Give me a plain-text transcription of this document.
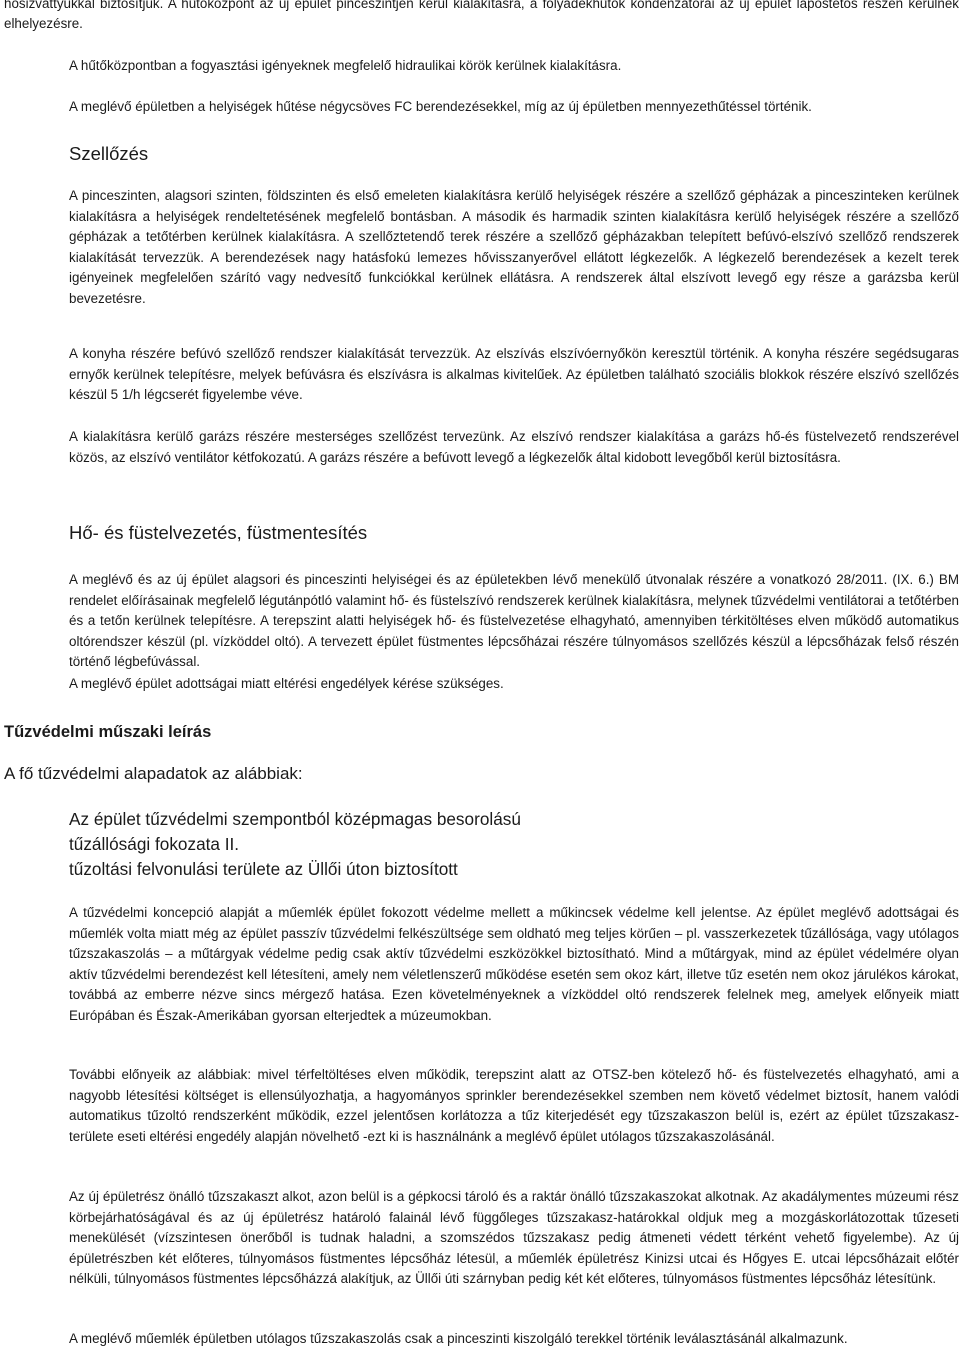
hősizvattyúkkal biztosítjuk. A hűtőközpont az új épület pinceszintjén kerül kialakításra, a folyadékhűtők kondenzátorai az új épület lapostetős részén kerülnek elhelyezésre.

A hűtőközpontban a fogyasztási igényeknek megfelelő hidraulikai körök kerülnek kialakításra.

A meglévő épületben a helyiségek hűtése négycsöves FC berendezésekkel, míg az új épületben mennyezethűtéssel történik.

Szellőzés

A pinceszinten, alagsori szinten, földszinten és első emeleten kialakításra kerülő helyiségek részére a szellőző gépházak a pinceszinteken kerülnek kialakításra a helyiségek rendeltetésének megfelelő bontásban. A második és harmadik szinten kialakításra kerülő helyiségek részére a szellőző gépházak a tetőtérben kerülnek kialakításra. A szellőztetendő terek részére a szellőző gépházakban telepített befúvó-elszívó szellőző rendszerek kialakítását tervezzük. A berendezések nagy hatásfokú lemezes hővisszanyerővel ellátott légkezelők. A légkezelő berendezések a kezelt terek igényeinek megfelelően szárító vagy nedvesítő funkciókkal kerülnek ellátásra. A rendszerek által elszívott levegő egy része a garázsba kerül bevezetésre.

A konyha részére befúvó szellőző rendszer kialakítását tervezzük. Az elszívás elszívóernyőkön keresztül történik. A konyha részére segédsugaras ernyők kerülnek telepítésre, melyek befúvásra és elszívásra is alkalmas kivitelűek. Az épületben található szociális blokkok részére elszívó szellőzés készül 5 1/h légcserét figyelembe véve.

A kialakításra kerülő garázs részére mesterséges szellőzést tervezünk. Az elszívó rendszer kialakítása a garázs hő-és füstelvezető rendszerével közös, az elszívó ventilátor kétfokozatú. A garázs részére a befúvott levegő a légkezelők által kidobott levegőből kerül biztosításra.

Hő- és füstelvezetés, füstmentesítés

A meglévő és az új épület alagsori és pinceszinti helyiségei és az épületekben lévő menekülő útvonalak részére a vonatkozó 28/2011. (IX. 6.) BM rendelet előírásainak megfelelő légutánpótló valamint hő- és füstelszívó rendszerek kerülnek kialakításra, melynek tűzvédelmi ventilátorai a tetőtérben és a tetőn kerülnek telepítésre. A terepszint alatti helyiségek hő- és füstelvezetése elhagyható, amennyiben térkitöltéses elven működő automatikus oltórendszer készül (pl. vízköddel oltó). A tervezett épület füstmentes lépcsőházai részére túlnyomásos szellőzés készül a lépcsőházak felső részén történő légbefúvással.

A meglévő épület adottságai miatt eltérési engedélyek kérése szükséges.

Tűzvédelmi műszaki leírás

A fő tűzvédelmi alapadatok az alábbiak:

Az épület tűzvédelmi szempontból középmagas besorolású

tűzállósági fokozata II.

tűzoltási felvonulási területe az Üllői úton biztosított

A tűzvédelmi koncepció alapját a műemlék épület fokozott védelme mellett a műkincsek védelme kell jelentse. Az épület meglévő adottságai és műemlék volta miatt még az épület passzív tűzvédelmi felkészültsége sem oldható meg teljes körűen – pl. vasszerkezetek tűzállósága, vagy utólagos tűzszakaszolás – a műtárgyak védelme pedig csak aktív tűzvédelmi eszközökkel biztosítható. Mind a műtárgyak, mind az épület védelmére olyan aktív tűzvédelmi berendezést kell létesíteni, amely nem véletlenszerű működése esetén sem okoz kárt, illetve tűz esetén nem okoz járulékos károkat, továbbá az emberre nézve sincs mérgező hatása. Ezen követelményeknek a vízköddel oltó rendszerek felelnek meg, amelyek előnyeik miatt Európában és Észak-Amerikában gyorsan elterjedtek a múzeumokban.

További előnyeik az alábbiak: mivel térfeltöltéses elven működik, terepszint alatt az OTSZ-ben kötelező hő- és füstelvezetés elhagyható, ami a nagyobb létesítési költséget is ellensúlyozhatja, a hagyományos sprinkler berendezésekkel szemben nem követő védelmet biztosít, hanem valódi automatikus tűzoltó rendszerként működik, ezzel jelentősen korlátozza a tűz kiterjedését egy tűzszakaszon belül is, ezért az épület tűzszakasz-területe eseti eltérési engedély alapján növelhető -ezt ki is használnánk a meglévő épület utólagos tűzszakaszolásánál.

Az új épületrész önálló tűzszakaszt alkot, azon belül is a gépkocsi tároló és a raktár önálló tűzszakaszokat alkotnak. Az akadálymentes múzeumi rész körbejárhatóságával és az új épületrész határoló falainál lévő függőleges tűzszakasz-határokkal oldjuk meg a mozgáskorlátozottak tűzeseti menekülését (vízszintesen önerőből is tudnak haladni, a szomszédos tűzszakasz pedig átmeneti védett térként vehető figyelembe). Az új épületrészben két előteres, túlnyomásos füstmentes lépcsőház létesül, a műemlék épületrész Kinizsi utcai és Hőgyes E. utcai lépcsőházait előtér nélküli, túlnyomásos füstmentes lépcsőházzá alakítjuk, az Üllői úti szárnyban pedig két két előteres, túlnyomásos füstmentes lépcsőház létesítünk.

A meglévő műemlék épületben utólagos tűzszakaszolás csak a pinceszinti kiszolgáló terekkel történik leválasztásánál alkalmazunk.
